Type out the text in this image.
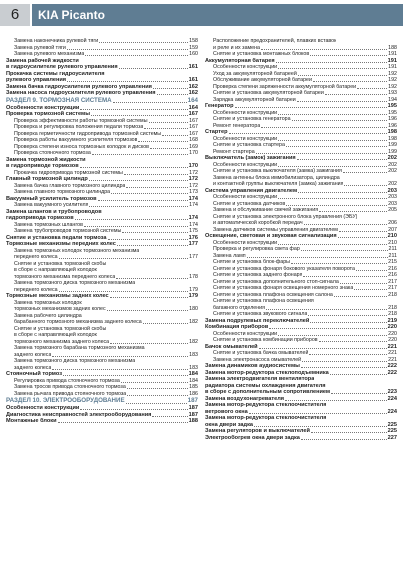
6	KIA Picanto
Замена наконечника рулевой тяги	158
Замена рулевой тяги	159
Замена рулевого механизма	160
Замена рабочей жидкости
в гидроусилителе рулевого управления	161
Прокачка системы гидроусилителя
рулевого управления	161
Замена бачка гидроусилителя рулевого управления	162
Замена насоса гидроусилителя рулевого управления	162
РАЗДЕЛ 9. ТОРМОЗНАЯ СИСТЕМА	164
Особенности конструкции	164
Проверка тормозной системы	167
Проверка эффективности работы тормозной системы	167
Проверка и регулировка положения педали тормоза	167
Проверка герметичности гидропривода тормозной системы	167
Проверка работы вакуумного усилителя тормозов	168
Проверка степени износа тормозных колодок и дисков	169
Проверка стояночного тормоза	170
Замена тормозной жидкости
в гидроприводе тормозов	170
Прокачка гидропривода тормозной системы	172
Главный тормозной цилиндр	172
Замена бачка главного тормозного цилиндра	172
Замена главного тормозного цилиндра	173
Вакуумный усилитель тормозов	174
Замена вакуумного усилителя	174
Замена шлангов и трубопроводов
гидропривода тормозов	174
Замена тормозных шлангов	174
Замена трубопроводов тормозной системы	175
Снятие и установка педали тормоза	176
Тормозные механизмы передних колес	177
Замена тормозных колодок тормозного механизма
переднего колеса	177
Снятие и установка тормозной скобы
в сборе с направляющей колодок
тормозного механизма переднего колеса	178
Замена тормозного диска тормозного механизма
переднего колеса	179
Тормозные механизмы задних колес	179
Замена тормозных колодок
тормозных механизмов задних колес	180
Замена рабочего цилиндра
барабанного тормозного механизма заднего колеса	182
Снятие и установка тормозной скобы
в сборе с направляющей колодок
тормозного механизма заднего колеса	182
Замена тормозного барабана тормозного механизма
заднего колеса	183
Замена тормозного диска тормозного механизма
заднего колеса	183
Стояночный тормоз	184
Регулировка привода стояночного тормоза	184
Замена тросов привода стояночного тормоза	185
Замена рычага привода стояночного тормоза	186
РАЗДЕЛ 10. ЭЛЕКТРООБОРУДОВАНИЕ	187
Особенности конструкции	187
Диагностика неисправностей электрооборудования	187
Монтажные блоки	188
Расположение предохранителей, плавких вставок
и реле и их замена	188
Снятие и установка монтажных блоков	191
Аккумуляторная батарея	191
Особенности конструкции	191
Уход за аккумуляторной батареей	192
Обслуживание аккумуляторной батареи	192
Проверка степени заряженности аккумуляторной батареи	192
Снятие и установка аккумуляторной батареи	193
Зарядка аккумуляторной батареи	194
Генератор	195
Особенности конструкции	195
Снятие и установка генератора	196
Ремонт генератора	196
Стартер	198
Особенности конструкции	198
Снятие и установка стартера	199
Ремонт стартера	199
Выключатель (замок) зажигания	202
Особенности конструкции	202
Снятие и установка выключателя (замка) зажигания	202
Замена антенны блока иммобилизатора, цилиндра
и контактной группы выключателя (замка) зажигания	202
Система управления двигателем	203
Особенности конструкции	203
Снятие и установка датчиков	203
Замена и обслуживание свечей зажигания	205
Снятие и установка электронного блока управления (ЭБУ)
и автоматической коробкой передач	206
Замена датчиков системы управления двигателем	207
Освещение, световая и звуковая сигнализация	210
Особенности конструкции	210
Проверка и регулировка света фар	211
Замена ламп	211
Снятие и установка блок-фары	215
Снятие и установка фонаря бокового указателя поворота	216
Снятие и установка заднего фонаря	216
Снятие и установка дополнительного стоп-сигнала	217
Снятие и установка фонаря освещения номерного знака	217
Снятие и установка плафона освещения салона	218
Снятие и установка плафона освещения
багажного отделения	218
Снятие и установка звукового сигнала	218
Замена подрулевых переключателей	219
Комбинация приборов	220
Особенности конструкции	220
Снятие и установка комбинации приборов	220
Бачок омывателей	221
Снятие и установка бачка омывателей	221
Замена электронасоса омывателей	221
Замена динамиков аудиосистемы	222
Замена мотор-редуктора стеклоподъемника	222
Замена электродвигателя вентилятора
радиатора системы охлаждения двигателя
в сборе с дополнительным сопротивлением	223
Замена воздухонагревателя	224
Замена мотор-редуктора стеклоочистителя
ветрового окна	224
Замена мотор-редуктора стеклоочистителя
окна двери задка	225
Замена регуляторов и выключателей	225
Электрообогрев окна двери задка	227
